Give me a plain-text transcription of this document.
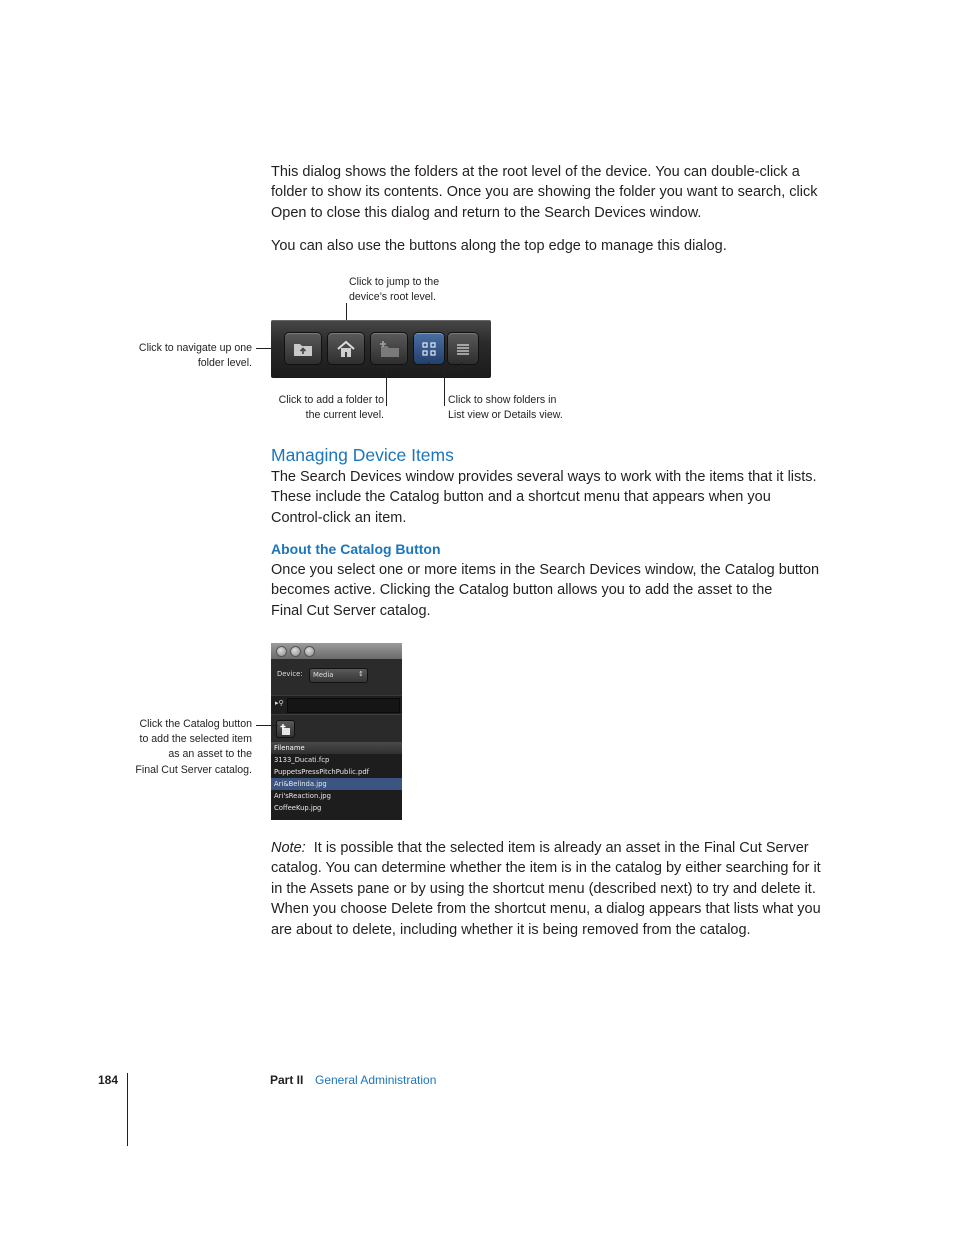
This dialog shows the folders at the root level of the device. You can double-click a folder to show its contents. Once you are showing the folder you want to search, click Open to close this dialog and return to the Search Devices window.
You can also use the buttons along the top edge to manage this dialog.
Click to jump to the
device’s root level.
Click to navigate up one
folder level.
Click to add a folder to
the current level.
Click to show folders in
List view or Details view.
Managing Device Items
The Search Devices window provides several ways to work with the items that it lists. These include the Catalog button and a shortcut menu that appears when you Control-click an item.
About the Catalog Button
Once you select one or more items in the Search Devices window, the Catalog button
becomes active. Clicking the Catalog button allows you to add the asset to the
Final Cut Server catalog.
Device: Media	↕
▸⚲
Filename
3133_Ducati.fcp
PuppetsPressPitchPublic.pdf
Ari&Belinda.jpg
Ari'sReaction.jpg
CoffeeKup.jpg
Click the Catalog button
to add the selected item
as an asset to the
Final Cut Server catalog.
Note: It is possible that the selected item is already an asset in the Final Cut Server catalog. You can determine whether the item is in the catalog by either searching for it in the Assets pane or by using the shortcut menu (described next) to try and delete it. When you choose Delete from the shortcut menu, a dialog appears that lists what you are about to delete, including whether it is being removed from the catalog.
184	Part II General Administration
